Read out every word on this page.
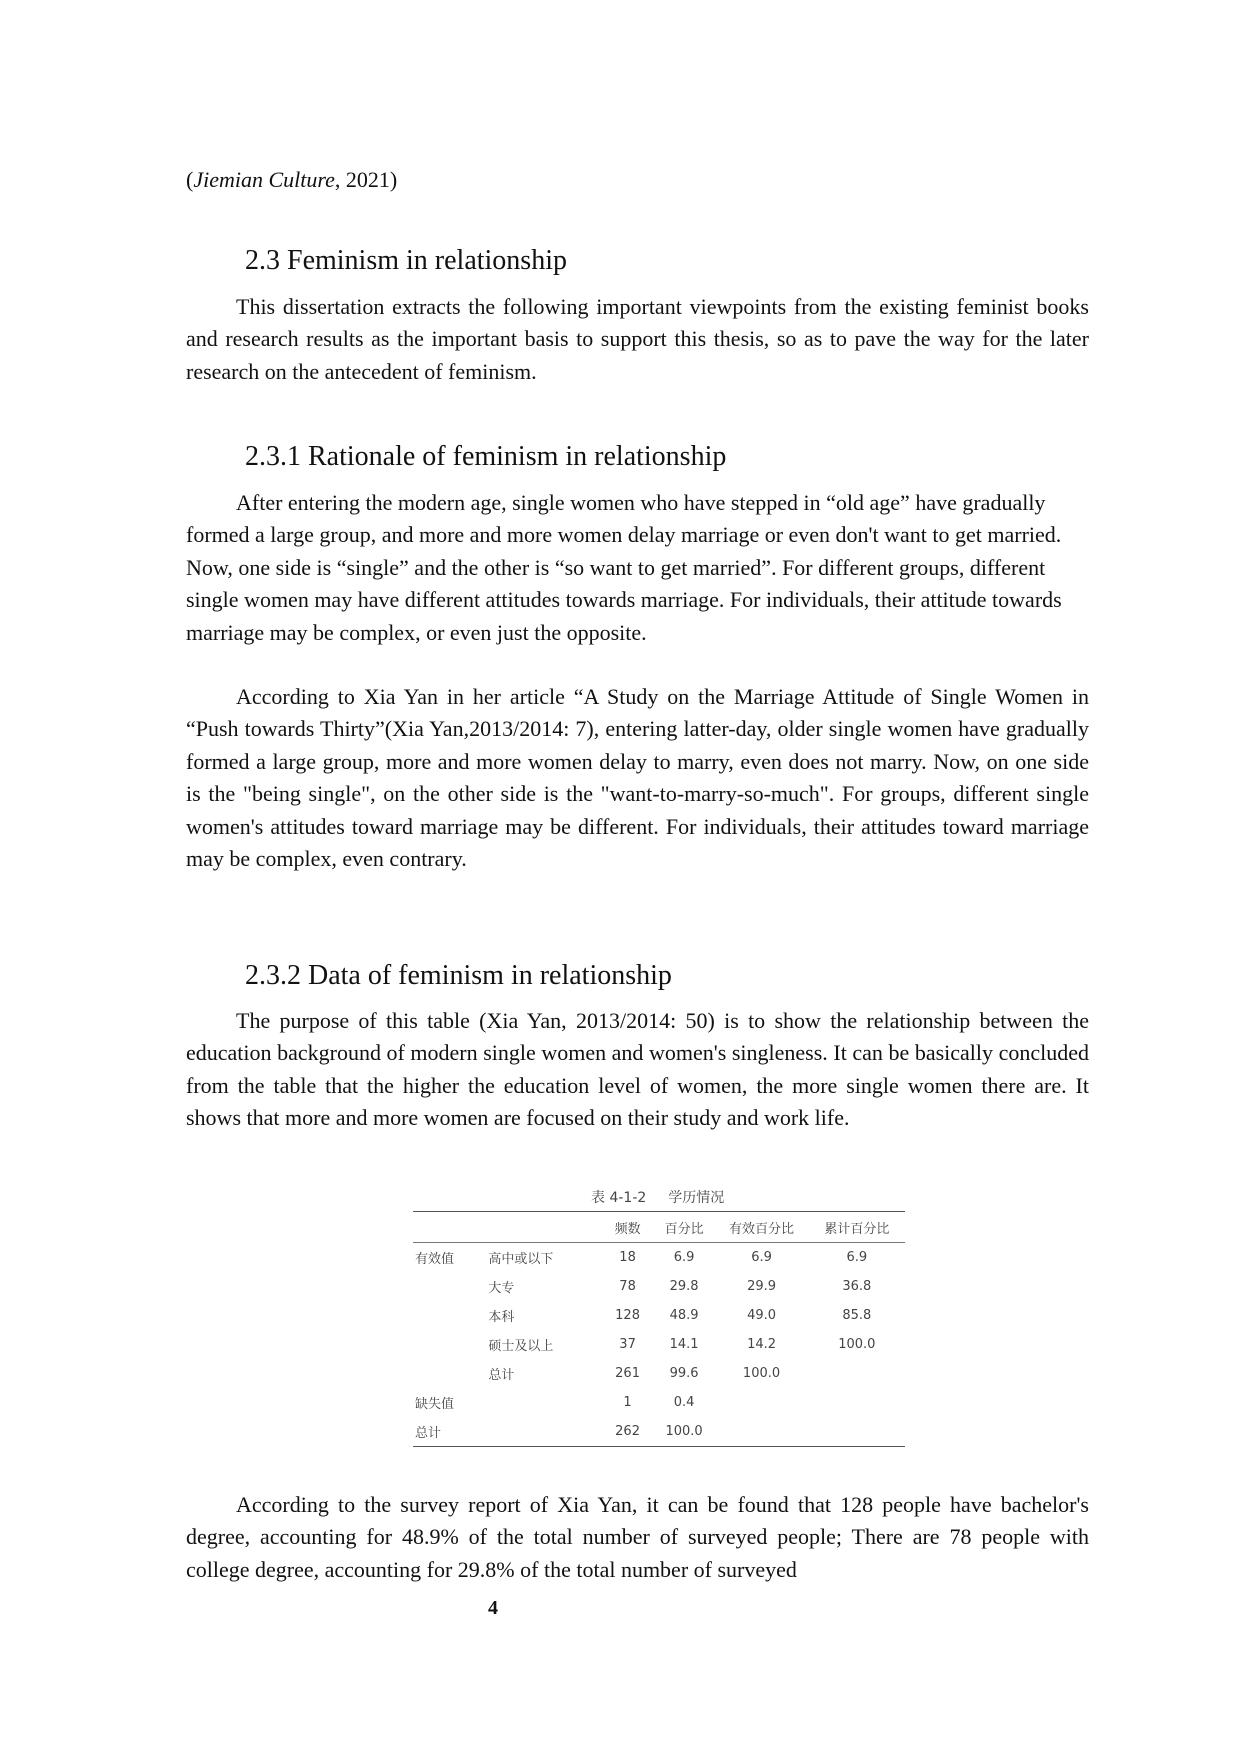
(Jiemian Culture, 2021)
2.3 Feminism in relationship

This dissertation extracts the following important viewpoints from the existing feminist books and research results as the important basis to support this thesis, so as to pave the way for the later research on the antecedent of feminism.

2.3.1 Rationale of feminism in relationship

After entering the modern age, single women who have stepped in “old age” have gradually formed a large group, and more and more women delay marriage or even don't want to get married. Now, one side is “single” and the other is “so want to get married”. For different groups, different single women may have different attitudes towards marriage. For individuals, their attitude towards marriage may be complex, or even just the opposite.

According to Xia Yan in her article “A Study on the Marriage Attitude of Single Women in “Push towards Thirty”(Xia Yan,2013/2014: 7), entering latter-day, older single women have gradually formed a large group, more and more women delay to marry, even does not marry. Now, on one side is the "being single", on the other side is the "want-to-marry-so-much". For groups, different single women's attitudes toward marriage may be different. For individuals, their attitudes toward marriage may be complex, even contrary.

2.3.2 Data of feminism in relationship

The purpose of this table (Xia Yan, 2013/2014: 50) is to show the relationship between the education background of modern single women and women's singleness. It can be basically concluded from the table that the higher the education level of women, the more single women there are. It shows that more and more women are focused on their study and work life.

表 4-1-2 学历情况
		频数	百分比	有效百分比	累计百分比
有效值	高中或以下	18	6.9	6.9	6.9
	大专	78	29.8	29.9	36.8
	本科	128	48.9	49.0	85.8
	硕士及以上	37	14.1	14.2	100.0
	总计	261	99.6	100.0	
缺失值		1	0.4		
总计		262	100.0		

According to the survey report of Xia Yan, it can be found that 128 people have bachelor's degree, accounting for 48.9% of the total number of surveyed people; There are 78 people with college degree, accounting for 29.8% of the total number of surveyed

4
